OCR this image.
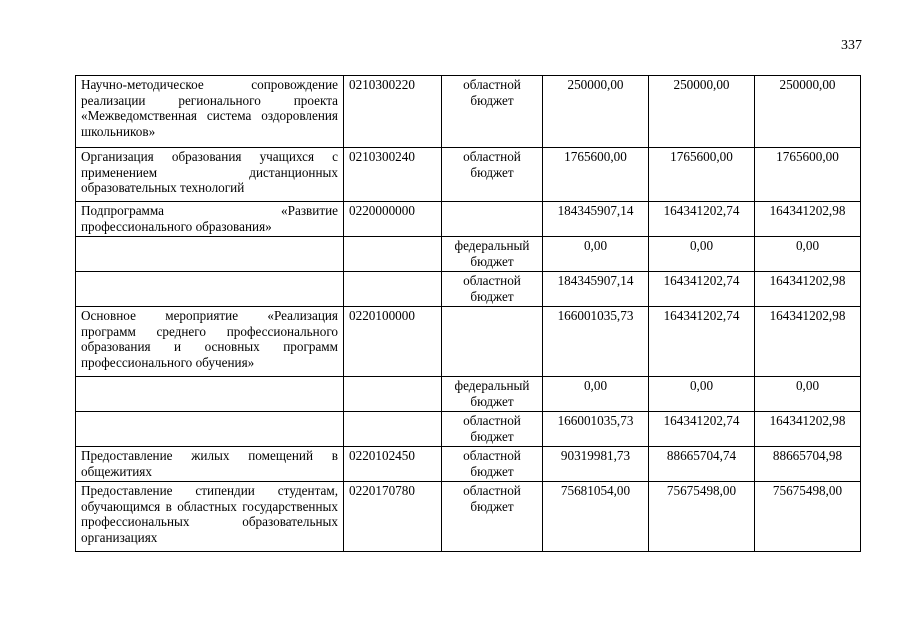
337
Научно-методическое сопровождение реализации регионального проекта «Межведомственная система оздоровления школьников»	0210300220	областной бюджет	250000,00	250000,00	250000,00
Организация образования учащихся с применением дистанционных образовательных технологий	0210300240	областной бюджет	1765600,00	1765600,00	1765600,00
Подпрограмма «Развитие профессионального образования»	0220000000		184345907,14	164341202,74	164341202,98
		федеральный бюджет	0,00	0,00	0,00
		областной бюджет	184345907,14	164341202,74	164341202,98
Основное мероприятие «Реализация программ среднего профессионального образования и основных программ профессионального обучения»	0220100000		166001035,73	164341202,74	164341202,98
		федеральный бюджет	0,00	0,00	0,00
		областной бюджет	166001035,73	164341202,74	164341202,98
Предоставление жилых помещений в общежитиях	0220102450	областной бюджет	90319981,73	88665704,74	88665704,98
Предоставление стипендии студентам, обучающимся в областных государственных профессиональных образовательных организациях	0220170780	областной бюджет	75681054,00	75675498,00	75675498,00
